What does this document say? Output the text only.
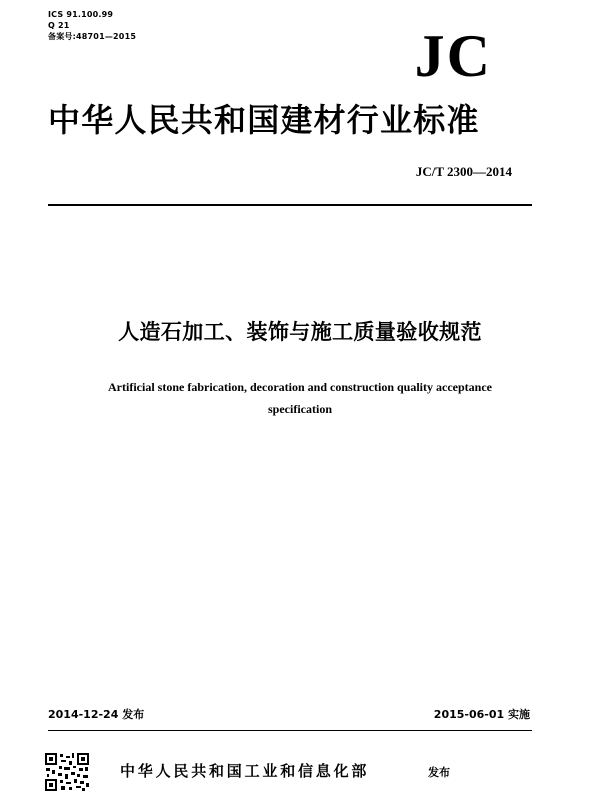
ICS 91.100.99
Q 21
备案号:48701—2015	JC
中华人民共和国建材行业标准
JC/T 2300—2014
人造石加工、装饰与施工质量验收规范
Artificial stone fabrication, decoration and construction quality acceptance
specification
2014-12-24 发布	2015-06-01 实施
中华人民共和国工业和信息化部	发布
